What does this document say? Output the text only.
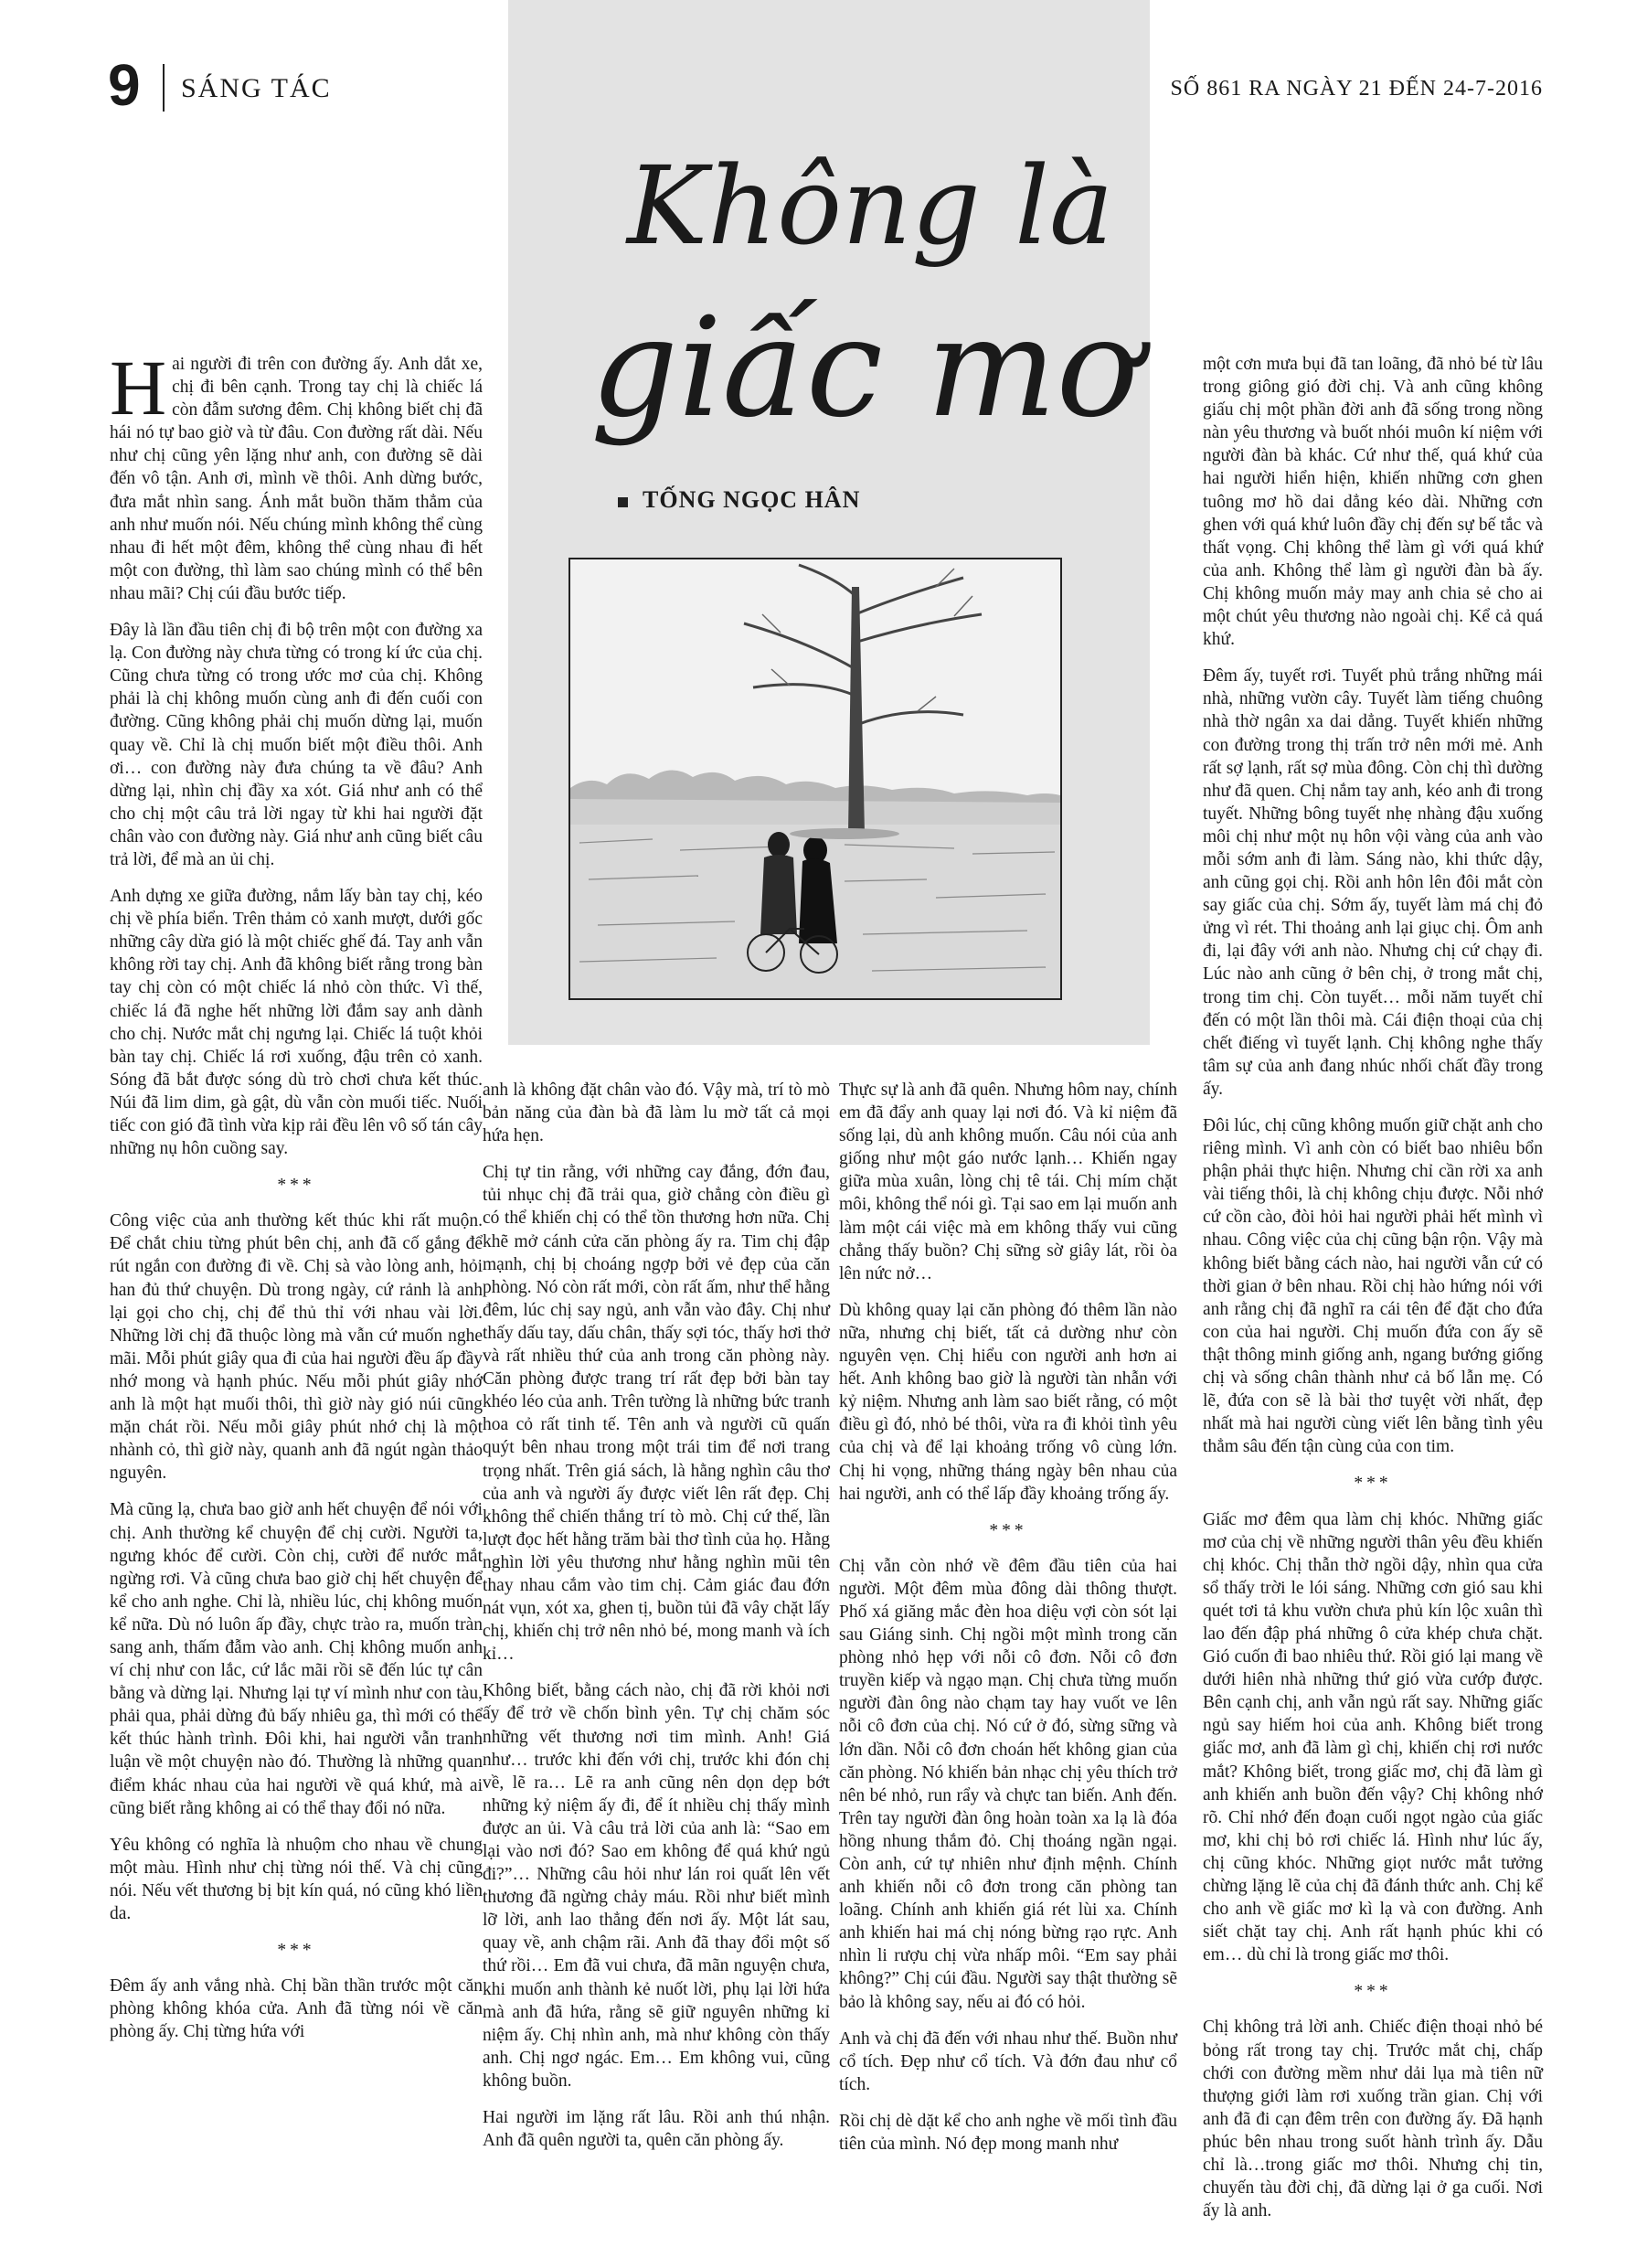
9 SÁNG TÁC	SỐ 861 RA NGÀY 21 ĐẾN 24-7-2016
Không là
giấc mơ
TỐNG NGỌC HÂN

Hai người đi trên con đường ấy. Anh dắt xe, chị đi bên cạnh. Trong tay chị là chiếc lá còn đẫm sương đêm. Chị không biết chị đã hái nó tự bao giờ và từ đâu. Con đường rất dài. Nếu như chị cũng yên lặng như anh, con đường sẽ dài đến vô tận. Anh ơi, mình về thôi. Anh dừng bước, đưa mắt nhìn sang. Ánh mắt buồn thăm thẳm của anh như muốn nói. Nếu chúng mình không thể cùng nhau đi hết một đêm, không thể cùng nhau đi hết một con đường, thì làm sao chúng mình có thể bên nhau mãi? Chị cúi đầu bước tiếp.

Đây là lần đầu tiên chị đi bộ trên một con đường xa lạ. Con đường này chưa từng có trong kí ức của chị. Cũng chưa từng có trong ước mơ của chị. Không phải là chị không muốn cùng anh đi đến cuối con đường. Cũng không phải chị muốn dừng lại, muốn quay về. Chỉ là chị muốn biết một điều thôi. Anh ơi… con đường này đưa chúng ta về đâu? Anh dừng lại, nhìn chị đầy xa xót. Giá như anh có thể cho chị một câu trả lời ngay từ khi hai người đặt chân vào con đường này. Giá như anh cũng biết câu trả lời, để mà an ủi chị.

Anh dựng xe giữa đường, nắm lấy bàn tay chị, kéo chị về phía biển. Trên thảm cỏ xanh mượt, dưới gốc những cây dừa gió là một chiếc ghế đá. Tay anh vẫn không rời tay chị. Anh đã không biết rằng trong bàn tay chị còn có một chiếc lá nhỏ còn thức. Vì thế, chiếc lá đã nghe hết những lời đắm say anh dành cho chị. Nước mắt chị ngưng lại. Chiếc lá tuột khỏi bàn tay chị. Chiếc lá rơi xuống, đậu trên cỏ xanh. Sóng đã bắt được sóng dù trò chơi chưa kết thúc. Núi đã lim dim, gà gật, dù vẫn còn muối tiếc. Nuối tiếc con gió đã tình vừa kịp rải đều lên vô số tán cây những nụ hôn cuồng say.

***

Công việc của anh thường kết thúc khi rất muộn. Để chắt chiu từng phút bên chị, anh đã cố gắng để rút ngắn con đường đi về. Chị sà vào lòng anh, hỏi han đủ thứ chuyện. Dù trong ngày, cứ rảnh là anh lại gọi cho chị, chị để thủ thỉ với nhau vài lời. Những lời chị đã thuộc lòng mà vẫn cứ muốn nghe mãi. Mỗi phút giây qua đi của hai người đều ấp đầy nhớ mong và hạnh phúc. Nếu mỗi phút giây nhớ anh là một hạt muối thôi, thì giờ này gió núi cũng mặn chát rồi. Nếu mỗi giây phút nhớ chị là một nhành cỏ, thì giờ này, quanh anh đã ngút ngàn thảo nguyên.

Mà cũng lạ, chưa bao giờ anh hết chuyện để nói với chị. Anh thường kể chuyện để chị cười. Người ta, ngưng khóc để cười. Còn chị, cười để nước mắt ngừng rơi. Và cũng chưa bao giờ chị hết chuyện để kể cho anh nghe. Chỉ là, nhiều lúc, chị không muốn kể nữa. Dù nó luôn ấp đầy, chực trào ra, muốn tràn sang anh, thấm đẫm vào anh. Chị không muốn anh ví chị như con lắc, cứ lắc mãi rồi sẽ đến lúc tự cân bằng và dừng lại. Nhưng lại tự ví mình như con tàu, phải qua, phải dừng đủ bấy nhiêu ga, thì mới có thể kết thúc hành trình. Đôi khi, hai người vẫn tranh luận về một chuyện nào đó. Thường là những quan điểm khác nhau của hai người về quá khứ, mà ai cũng biết rằng không ai có thể thay đổi nó nữa.

Yêu không có nghĩa là nhuộm cho nhau về chung một màu. Hình như chị từng nói thế. Và chị cũng nói. Nếu vết thương bị bịt kín quá, nó cũng khó liền da.

***

Đêm ấy anh vắng nhà. Chị bần thần trước một căn phòng không khóa cửa. Anh đã từng nói về căn phòng ấy. Chị từng hứa với

anh là không đặt chân vào đó. Vậy mà, trí tò mò bản năng của đàn bà đã làm lu mờ tất cả mọi hứa hẹn.

Chị tự tin rằng, với những cay đắng, đớn đau, tủi nhục chị đã trải qua, giờ chẳng còn điều gì có thể khiến chị có thể tồn thương hơn nữa. Chị khẽ mở cánh cửa căn phòng ấy ra. Tim chị đập mạnh, chị bị choáng ngợp bởi vẻ đẹp của căn phòng. Nó còn rất mới, còn rất ấm, như thể hằng đêm, lúc chị say ngủ, anh vẫn vào đây. Chị như thấy dấu tay, dấu chân, thấy sợi tóc, thấy hơi thở và rất nhiều thứ của anh trong căn phòng này. Căn phòng được trang trí rất đẹp bởi bàn tay khéo léo của anh. Trên tường là những bức tranh hoa cỏ rất tinh tế. Tên anh và người cũ quấn quýt bên nhau trong một trái tim để nơi trang trọng nhất. Trên giá sách, là hằng nghìn câu thơ của anh và người ấy được viết lên rất đẹp. Chị không thể chiến thắng trí tò mò. Chị cứ thế, lần lượt đọc hết hằng trăm bài thơ tình của họ. Hằng nghìn lời yêu thương như hằng nghìn mũi tên thay nhau cắm vào tim chị. Cảm giác đau đớn nát vụn, xót xa, ghen tị, buồn tủi đã vây chặt lấy chị, khiến chị trở nên nhỏ bé, mong manh và ích kỉ…

Không biết, bằng cách nào, chị đã rời khỏi nơi ấy để trở về chốn bình yên. Tự chị chăm sóc những vết thương nơi tim mình. Anh! Giá như… trước khi đến với chị, trước khi đón chị về, lẽ ra… Lẽ ra anh cũng nên dọn dẹp bớt những kỷ niệm ấy đi, để ít nhiều chị thấy mình được an ủi. Và câu trả lời của anh là: “Sao em lại vào nơi đó? Sao em không để quá khứ ngủ đi?”… Những câu hỏi như lán roi quất lên vết thương đã ngừng chảy máu. Rồi như biết mình lỡ lời, anh lao thẳng đến nơi ấy. Một lát sau, quay về, anh chậm rãi. Anh đã thay đổi một số thứ rồi… Em đã vui chưa, đã mãn nguyện chưa, khi muốn anh thành kẻ nuốt lời, phụ lại lời hứa mà anh đã hứa, rằng sẽ giữ nguyên những kỉ niệm ấy. Chị nhìn anh, mà như không còn thấy anh. Chị ngơ ngác. Em… Em không vui, cũng không buồn.

Hai người im lặng rất lâu. Rồi anh thú nhận. Anh đã quên người ta, quên căn phòng ấy.

Thực sự là anh đã quên. Nhưng hôm nay, chính em đã đẩy anh quay lại nơi đó. Và kỉ niệm đã sống lại, dù anh không muốn. Câu nói của anh giống như một gáo nước lạnh… Khiến ngay giữa mùa xuân, lòng chị tê tái. Chị mím chặt môi, không thể nói gì. Tại sao em lại muốn anh làm một cái việc mà em không thấy vui cũng chẳng thấy buồn? Chị sững sờ giây lát, rồi òa lên nức nở…

Dù không quay lại căn phòng đó thêm lần nào nữa, nhưng chị biết, tất cả dường như còn nguyên vẹn. Chị hiểu con người anh hơn ai hết. Anh không bao giờ là người tàn nhẫn với kỷ niệm. Nhưng anh làm sao biết rằng, có một điều gì đó, nhỏ bé thôi, vừa ra đi khỏi tình yêu của chị và để lại khoảng trống vô cùng lớn. Chị hi vọng, những tháng ngày bên nhau của hai người, anh có thể lấp đầy khoảng trống ấy.

***

Chị vẫn còn nhớ về đêm đầu tiên của hai người. Một đêm mùa đông dài thông thượt. Phố xá giăng mắc đèn hoa diệu vợi còn sót lại sau Giáng sinh. Chị ngồi một mình trong căn phòng nhỏ hẹp với nỗi cô đơn. Nỗi cô đơn truyền kiếp và ngạo mạn. Chị chưa từng muốn người đàn ông nào chạm tay hay vuốt ve lên nỗi cô đơn của chị. Nó cứ ở đó, sừng sững và lớn dần. Nỗi cô đơn choán hết không gian của căn phòng. Nó khiến bản nhạc chị yêu thích trở nên bé nhỏ, run rẩy và chực tan biến. Anh đến. Trên tay người đàn ông hoàn toàn xa lạ là đóa hồng nhung thắm đỏ. Chị thoáng ngần ngại. Còn anh, cứ tự nhiên như định mệnh. Chính anh khiến nỗi cô đơn trong căn phòng tan loãng. Chính anh khiến giá rét lùi xa. Chính anh khiến hai má chị nóng bừng rạo rực. Anh nhìn li rượu chị vừa nhấp môi. “Em say phải không?” Chị cúi đầu. Người say thật thường sẽ bảo là không say, nếu ai đó có hỏi.

Anh và chị đã đến với nhau như thế. Buồn như cổ tích. Đẹp như cổ tích. Và đớn đau như cổ tích.

Rồi chị dè dặt kể cho anh nghe về mối tình đầu tiên của mình. Nó đẹp mong manh như

một cơn mưa bụi đã tan loãng, đã nhỏ bé từ lâu trong giông gió đời chị. Và anh cũng không giấu chị một phần đời anh đã sống trong nồng nàn yêu thương và buốt nhói muôn kí niệm với người đàn bà khác. Cứ như thế, quá khứ của hai người hiển hiện, khiến những cơn ghen tuông mơ hồ dai dẳng kéo dài. Những cơn ghen với quá khứ luôn đầy chị đến sự bế tắc và thất vọng. Chị không thể làm gì với quá khứ của anh. Không thể làm gì người đàn bà ấy. Chị không muốn mảy may anh chia sẻ cho ai một chút yêu thương nào ngoài chị. Kể cả quá khứ.

Đêm ấy, tuyết rơi. Tuyết phủ trắng những mái nhà, những vườn cây. Tuyết làm tiếng chuông nhà thờ ngân xa dai dẳng. Tuyết khiến những con đường trong thị trấn trở nên mới mẻ. Anh rất sợ lạnh, rất sợ mùa đông. Còn chị thì dường như đã quen. Chị nắm tay anh, kéo anh đi trong tuyết. Những bông tuyết nhẹ nhàng đậu xuống môi chị như một nụ hôn vội vàng của anh vào mỗi sớm anh đi làm. Sáng nào, khi thức dậy, anh cũng gọi chị. Rồi anh hôn lên đôi mắt còn say giấc của chị. Sớm ấy, tuyết làm má chị đỏ ửng vì rét. Thi thoảng anh lại giục chị. Ôm anh đi, lại đây với anh nào. Nhưng chị cứ chạy đi. Lúc nào anh cũng ở bên chị, ở trong mắt chị, trong tim chị. Còn tuyết… mỗi năm tuyết chỉ đến có một lần thôi mà. Cái điện thoại của chị chết điếng vì tuyết lạnh. Chị không nghe thấy tâm sự của anh đang nhúc nhối chất đầy trong ấy.

Đôi lúc, chị cũng không muốn giữ chặt anh cho riêng mình. Vì anh còn có biết bao nhiêu bổn phận phải thực hiện. Nhưng chỉ cần rời xa anh vài tiếng thôi, là chị không chịu được. Nỗi nhớ cứ cồn cào, đòi hỏi hai người phải hết mình vì nhau. Công việc của chị cũng bận rộn. Vậy mà không biết bằng cách nào, hai người vẫn cứ có thời gian ở bên nhau. Rồi chị hào hứng nói với anh rằng chị đã nghĩ ra cái tên để đặt cho đứa con của hai người. Chị muốn đứa con ấy sẽ thật thông minh giống anh, ngang bướng giống chị và sống chân thành như cả bố lẫn mẹ. Có lẽ, đứa con sẽ là bài thơ tuyệt vời nhất, đẹp nhất mà hai người cùng viết lên bằng tình yêu thẳm sâu đến tận cùng của con tim.

***

Giấc mơ đêm qua làm chị khóc. Những giấc mơ của chị về những người thân yêu đều khiến chị khóc. Chị thẫn thờ ngồi dậy, nhìn qua cửa sổ thấy trời le lói sáng. Những cơn gió sau khi quét tơi tả khu vườn chưa phủ kín lộc xuân thì lao đến đập phá những ô cửa khép chưa chặt. Gió cuốn đi bao nhiêu thứ. Rồi gió lại mang về dưới hiên nhà những thứ gió vừa cướp được. Bên cạnh chị, anh vẫn ngủ rất say. Những giấc ngủ say hiếm hoi của anh. Không biết trong giấc mơ, anh đã làm gì chị, khiến chị rơi nước mắt? Không biết, trong giấc mơ, chị đã làm gì anh khiến anh buồn đến vậy? Chị không nhớ rõ. Chỉ nhớ đến đoạn cuối ngọt ngào của giấc mơ, khi chị bỏ rơi chiếc lá. Hình như lúc ấy, chị cũng khóc. Những giọt nước mắt tưởng chừng lặng lẽ của chị đã đánh thức anh. Chị kể cho anh về giấc mơ kì lạ và con đường. Anh siết chặt tay chị. Anh rất hạnh phúc khi có em… dù chỉ là trong giấc mơ thôi.

***

Chị không trả lời anh. Chiếc điện thoại nhỏ bé bỏng rất trong tay chị. Trước mắt chị, chấp chới con đường mềm như dải lụa mà tiên nữ thượng giới làm rơi xuống trần gian. Chị với anh đã đi cạn đêm trên con đường ấy. Đã hạnh phúc bên nhau trong suốt hành trình ấy. Dẫu chỉ là…trong giấc mơ thôi. Nhưng chị tin, chuyến tàu đời chị, đã dừng lại ở ga cuối. Nơi ấy là anh.
